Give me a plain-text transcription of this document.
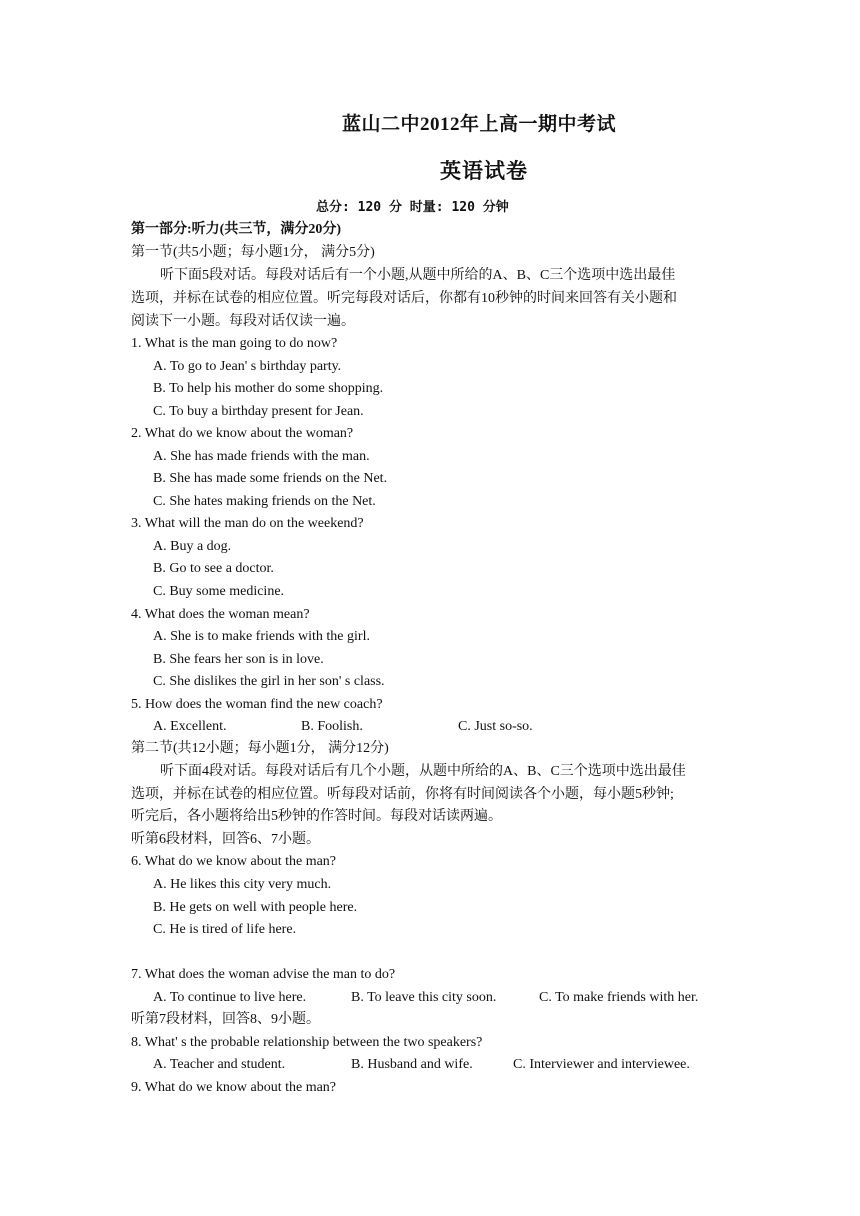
蓝山二中2012年上高一期中考试
英语试卷
总分: 120 分 时量: 120 分钟
第一部分:听力(共三节，满分20分)
第一节(共5小题；每小题1分， 满分5分)
听下面5段对话。每段对话后有一个小题,从题中所给的A、B、C三个选项中选出最佳
选项，并标在试卷的相应位置。听完每段对话后，你都有10秒钟的时间来回答有关小题和
阅读下一小题。每段对话仅读一遍。
1. What is the man going to do now?
A. To go to Jean' s birthday party.
B. To help his mother do some shopping.
C. To buy a birthday present for Jean.
2. What do we know about the woman?
A. She has made friends with the man.
B. She has made some friends on the Net.
C. She hates making friends on the Net.
3. What will the man do on the weekend?
A. Buy a dog.
B. Go to see a doctor.
C. Buy some medicine.
4. What does the woman mean?
A. She is to make friends with the girl.
B. She fears her son is in love.
C. She dislikes the girl in her son' s class.
5. How does the woman find the new coach?
A. Excellent.	B. Foolish.	C. Just so-so.
第二节(共12小题；每小题1分， 满分12分)
听下面4段对话。每段对话后有几个小题，从题中所给的A、B、C三个选项中选出最佳
选项，并标在试卷的相应位置。听每段对话前，你将有时间阅读各个小题，每小题5秒钟;
听完后，各小题将给出5秒钟的作答时间。每段对话读两遍。
听第6段材料，回答6、7小题。
6. What do we know about the man?
A. He likes this city very much.
B. He gets on well with people here.
C. He is tired of life here.
7. What does the woman advise the man to do?
A. To continue to live here.	B. To leave this city soon.	C. To make friends with her.
听第7段材料，回答8、9小题。
8. What' s the probable relationship between the two speakers?
A. Teacher and student.	B. Husband and wife.	C. Interviewer and interviewee.
9. What do we know about the man?
